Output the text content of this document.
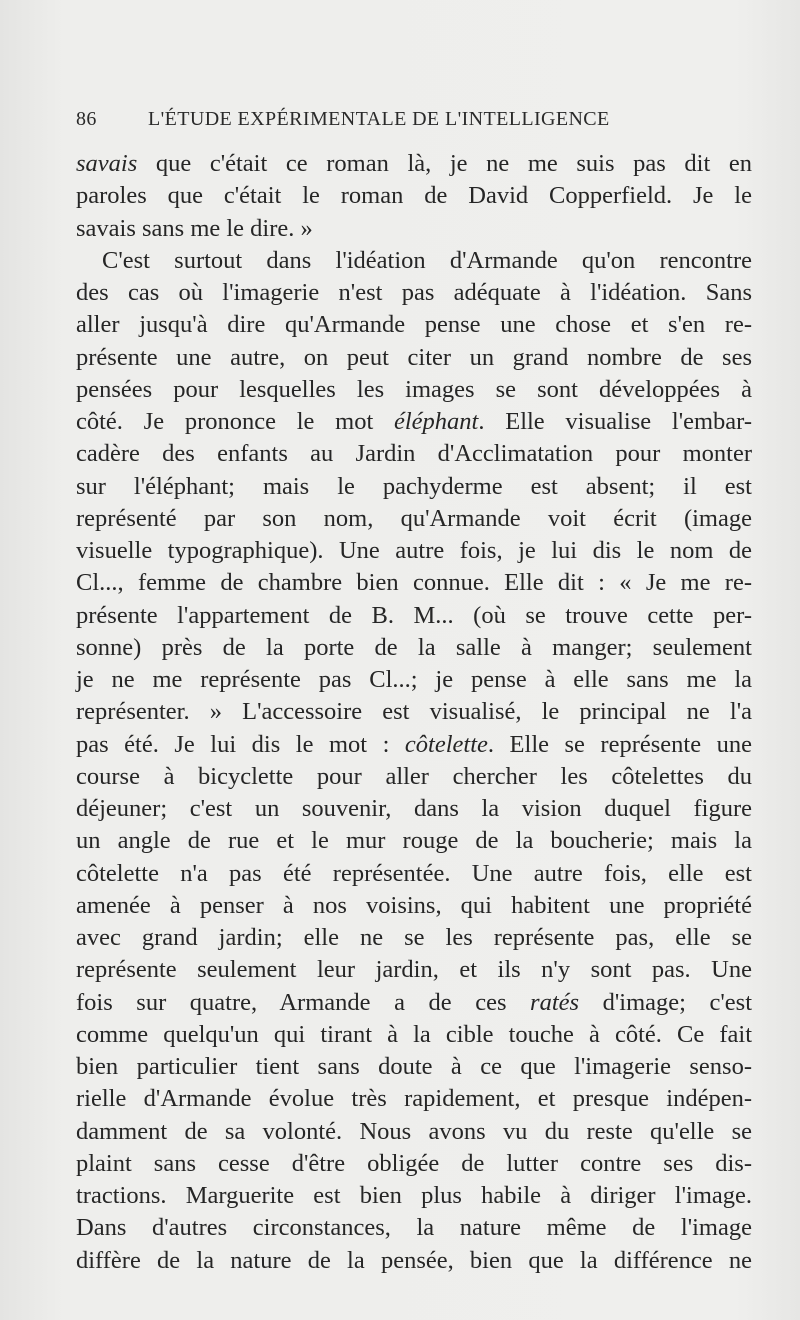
86	L'ÉTUDE EXPÉRIMENTALE DE L'INTELLIGENCE
savais que c'était ce roman là, je ne me suis pas dit en
paroles que c'était le roman de David Copperfield. Je le
savais sans me le dire. »
C'est surtout dans l'idéation d'Armande qu'on rencontre
des cas où l'imagerie n'est pas adéquate à l'idéation. Sans
aller jusqu'à dire qu'Armande pense une chose et s'en re-
présente une autre, on peut citer un grand nombre de ses
pensées pour lesquelles les images se sont développées à
côté. Je prononce le mot éléphant. Elle visualise l'embar-
cadère des enfants au Jardin d'Acclimatation pour monter
sur l'éléphant; mais le pachyderme est absent; il est
représenté par son nom, qu'Armande voit écrit (image
visuelle typographique). Une autre fois, je lui dis le nom de
Cl..., femme de chambre bien connue. Elle dit : « Je me re-
présente l'appartement de B. M... (où se trouve cette per-
sonne) près de la porte de la salle à manger; seulement
je ne me représente pas Cl...; je pense à elle sans me la
représenter. » L'accessoire est visualisé, le principal ne l'a
pas été. Je lui dis le mot : côtelette. Elle se représente une
course à bicyclette pour aller chercher les côtelettes du
déjeuner; c'est un souvenir, dans la vision duquel figure
un angle de rue et le mur rouge de la boucherie; mais la
côtelette n'a pas été représentée. Une autre fois, elle est
amenée à penser à nos voisins, qui habitent une propriété
avec grand jardin; elle ne se les représente pas, elle se
représente seulement leur jardin, et ils n'y sont pas. Une
fois sur quatre, Armande a de ces ratés d'image; c'est
comme quelqu'un qui tirant à la cible touche à côté. Ce fait
bien particulier tient sans doute à ce que l'imagerie senso-
rielle d'Armande évolue très rapidement, et presque indépen-
damment de sa volonté. Nous avons vu du reste qu'elle se
plaint sans cesse d'être obligée de lutter contre ses dis-
tractions. Marguerite est bien plus habile à diriger l'image.
Dans d'autres circonstances, la nature même de l'image
diffère de la nature de la pensée, bien que la différence ne
